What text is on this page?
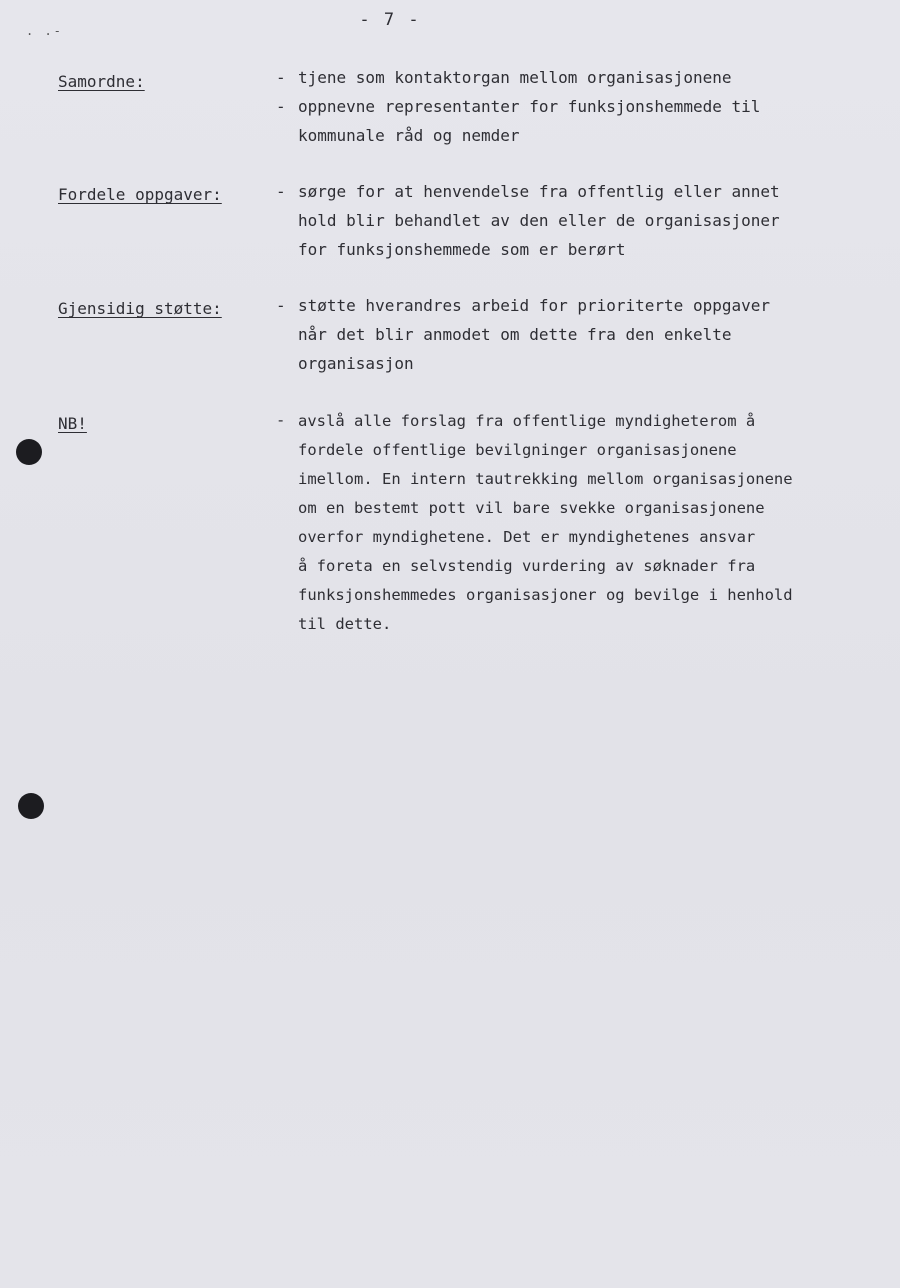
. .-
- 7 -
Samordne:	- tjene som kontaktorgan mellom organisasjonene
- oppnevne representanter for funksjonshemmede til
kommunale råd og nemder
Fordele oppgaver:	- sørge for at henvendelse fra offentlig eller annet
hold blir behandlet av den eller de organisasjoner
for funksjonshemmede som er berørt
Gjensidig støtte:	- støtte hverandres arbeid for prioriterte oppgaver
når det blir anmodet om dette fra den enkelte
organisasjon
NB!	- avslå alle forslag fra offentlige myndigheterom å
fordele offentlige bevilgninger organisasjonene
imellom. En intern tautrekking mellom organisasjonene
om en bestemt pott vil bare svekke organisasjonene
overfor myndighetene. Det er myndighetenes ansvar
å foreta en selvstendig vurdering av søknader fra
funksjonshemmedes organisasjoner og bevilge i henhold
til dette.
